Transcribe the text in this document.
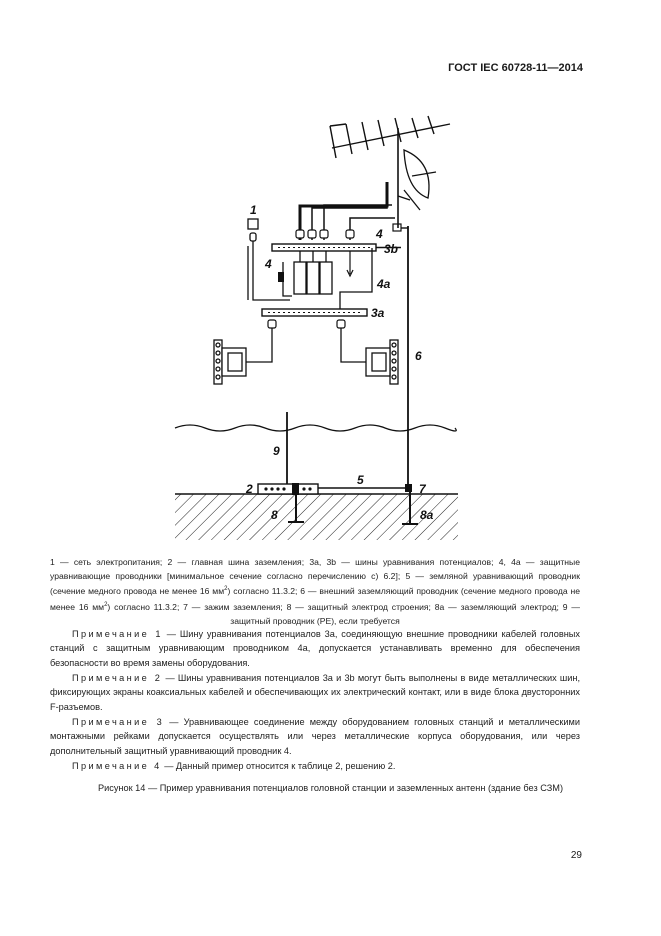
ГОСТ IEC 60728-11—2014
1
4
3b
4
4a
3a
6
9
5
2	7
8	8a
1 — сеть электропитания; 2 — главная шина заземления; 3a, 3b — шины уравнивания потенциалов; 4, 4a — защитные уравнивающие проводники [минимальное сечение согласно перечислению c) 6.2]; 5 — земляной уравнивающий проводник (сечение медного провода не менее 16 $мм^2$) согласно 11.3.2; 6 — внешний заземляющий проводник (сечение медного провода не менее 16 $мм^2$) согласно 11.3.2; 7 — зажим заземления; 8 — защитный электрод строения; 8a — заземляющий электрод; 9 — защитный проводник (PE), если требуется
Примечание 1 — Шину уравнивания потенциалов 3a, соединяющую внешние проводники кабелей головных станций с защитным уравнивающим проводником 4a, допускается устанавливать временно для обеспечения безопасности во время замены оборудования.
Примечание 2 — Шины уравнивания потенциалов 3a и 3b могут быть выполнены в виде металлических шин, фиксирующих экраны коаксиальных кабелей и обеспечивающих их электрический контакт, или в виде блока двусторонних F-разъемов.
Примечание 3 — Уравнивающее соединение между оборудованием головных станций и металлическими монтажными рейками допускается осуществлять или через металлические корпуса оборудования, или через дополнительный защитный уравнивающий проводник 4.
Примечание 4 — Данный пример относится к таблице 2, решению 2.
Рисунок 14 — Пример уравнивания потенциалов головной станции и заземленных антенн (здание без СЗМ)
29
